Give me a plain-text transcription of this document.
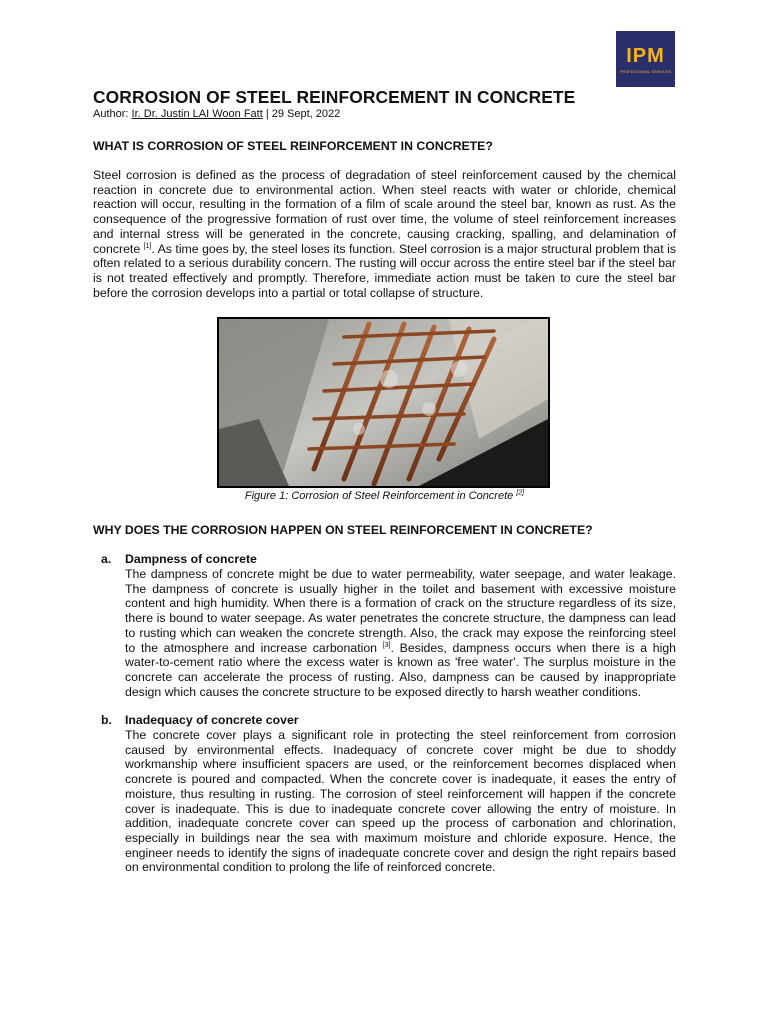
IPM
PROFESSIONAL SERVICES
CORROSION OF STEEL REINFORCEMENT IN CONCRETE
Author: Ir. Dr. Justin LAI Woon Fatt | 29 Sept, 2022
WHAT IS CORROSION OF STEEL REINFORCEMENT IN CONCRETE?

Steel corrosion is defined as the process of degradation of steel reinforcement caused by the chemical reaction in concrete due to environmental action. When steel reacts with water or chloride, chemical reaction will occur, resulting in the formation of a film of scale around the steel bar, known as rust. As the consequence of the progressive formation of rust over time, the volume of steel reinforcement increases and internal stress will be generated in the concrete, causing cracking, spalling, and delamination of concrete [1]. As time goes by, the steel loses its function. Steel corrosion is a major structural problem that is often related to a serious durability concern. The rusting will occur across the entire steel bar if the steel bar is not treated effectively and promptly. Therefore, immediate action must be taken to cure the steel bar before the corrosion develops into a partial or total collapse of structure.

Figure 1: Corrosion of Steel Reinforcement in Concrete [2]
WHY DOES THE CORROSION HAPPEN ON STEEL REINFORCEMENT IN CONCRETE?
a.	Dampness of concrete

The dampness of concrete might be due to water permeability, water seepage, and water leakage. The dampness of concrete is usually higher in the toilet and basement with excessive moisture content and high humidity. When there is a formation of crack on the structure regardless of its size, there is bound to water seepage. As water penetrates the concrete structure, the dampness can lead to rusting which can weaken the concrete strength. Also, the crack may expose the reinforcing steel to the atmosphere and increase carbonation [3]. Besides, dampness occurs when there is a high water-to-cement ratio where the excess water is known as 'free water'. The surplus moisture in the concrete can accelerate the process of rusting. Also, dampness can be caused by inappropriate design which causes the concrete structure to be exposed directly to harsh weather conditions.

b.	Inadequacy of concrete cover

The concrete cover plays a significant role in protecting the steel reinforcement from corrosion caused by environmental effects. Inadequacy of concrete cover might be due to shoddy workmanship where insufficient spacers are used, or the reinforcement becomes displaced when concrete is poured and compacted. When the concrete cover is inadequate, it eases the entry of moisture, thus resulting in rusting. The corrosion of steel reinforcement will happen if the concrete cover is inadequate. This is due to inadequate concrete cover allowing the entry of moisture. In addition, inadequate concrete cover can speed up the process of carbonation and chlorination, especially in buildings near the sea with maximum moisture and chloride exposure. Hence, the engineer needs to identify the signs of inadequate concrete cover and design the right repairs based on environmental condition to prolong the life of reinforced concrete.
